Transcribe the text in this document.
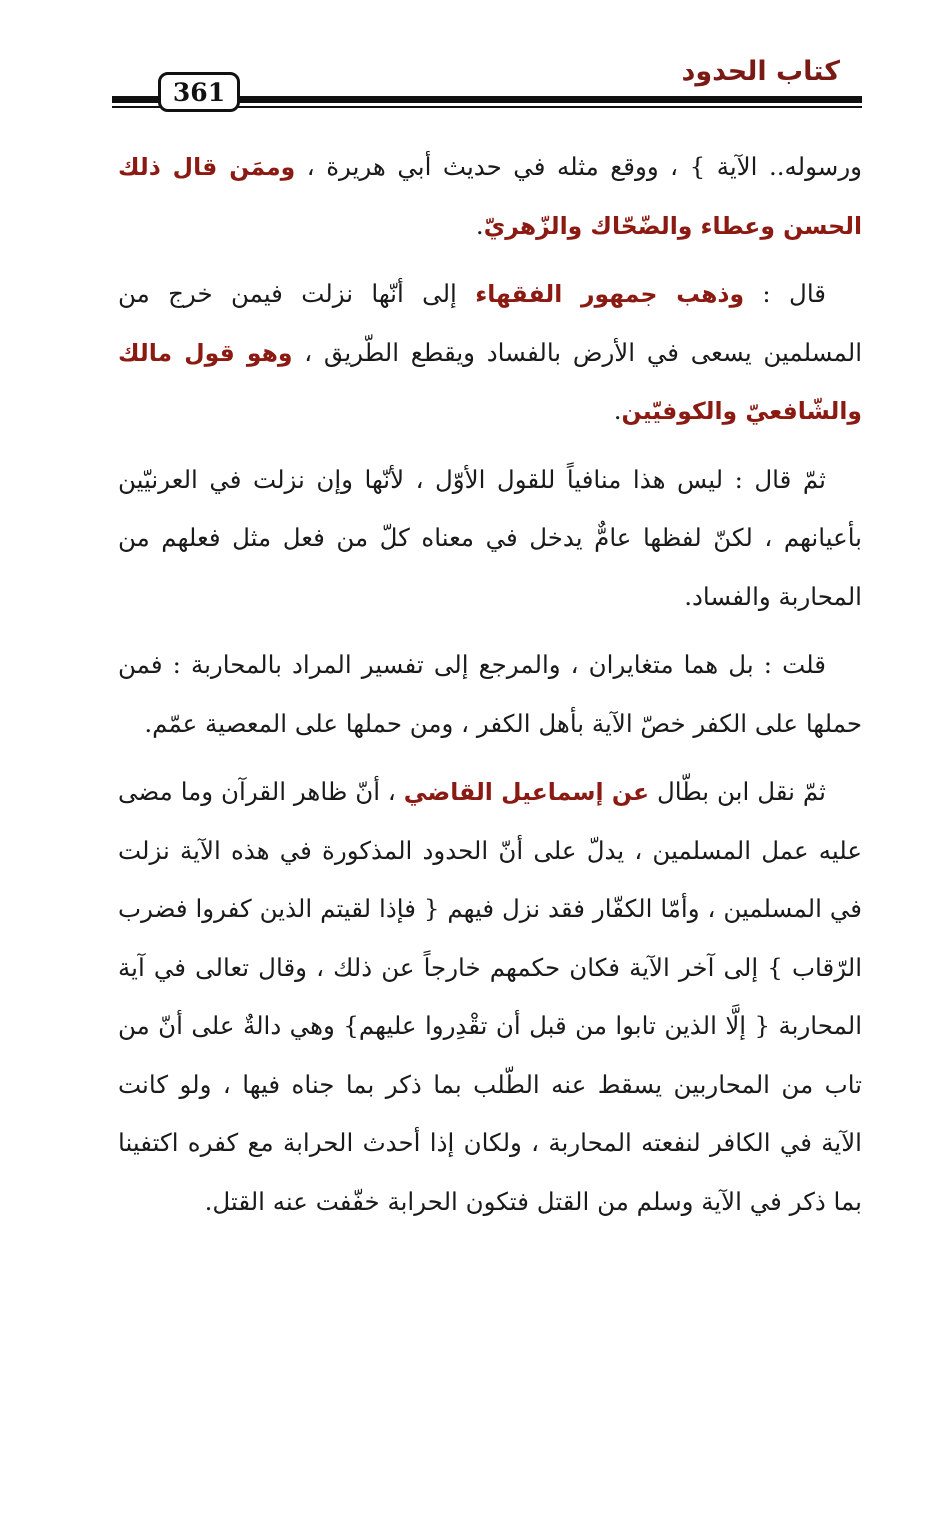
كتاب الحدود
361

ورسوله.. الآية } ، ووقع مثله في حديث أبي هريرة ، وممَن قال ذلك الحسن وعطاء والضّحّاك والزّهريّ.

قال : وذهب جمهور الفقهاء إلى أنّها نزلت فيمن خرج من المسلمين يسعى في الأرض بالفساد ويقطع الطّريق ، وهو قول مالك والشّافعيّ والكوفيّين.

ثمّ قال : ليس هذا منافياً للقول الأوّل ، لأنّها وإن نزلت في العرنيّين بأعيانهم ، لكنّ لفظها عامٌّ يدخل في معناه كلّ من فعل مثل فعلهم من المحاربة والفساد.

قلت : بل هما متغايران ، والمرجع إلى تفسير المراد بالمحاربة : فمن حملها على الكفر خصّ الآية بأهل الكفر ، ومن حملها على المعصية عمّم.

ثمّ نقل ابن بطّال عن إسماعيل القاضي ، أنّ ظاهر القرآن وما مضى عليه عمل المسلمين ، يدلّ على أنّ الحدود المذكورة في هذه الآية نزلت في المسلمين ، وأمّا الكفّار فقد نزل فيهم { فإذا لقيتم الذين كفروا فضرب الرّقاب } إلى آخر الآية فكان حكمهم خارجاً عن ذلك ، وقال تعالى في آية المحاربة { إلَّا الذين تابوا من قبل أن تقْدِروا عليهم} وهي دالةٌ على أنّ من تاب من المحاربين يسقط عنه الطّلب بما ذكر بما جناه فيها ، ولو كانت الآية في الكافر لنفعته المحاربة ، ولكان إذا أحدث الحرابة مع كفره اكتفينا بما ذكر في الآية وسلم من القتل فتكون الحرابة خفّفت عنه القتل.
